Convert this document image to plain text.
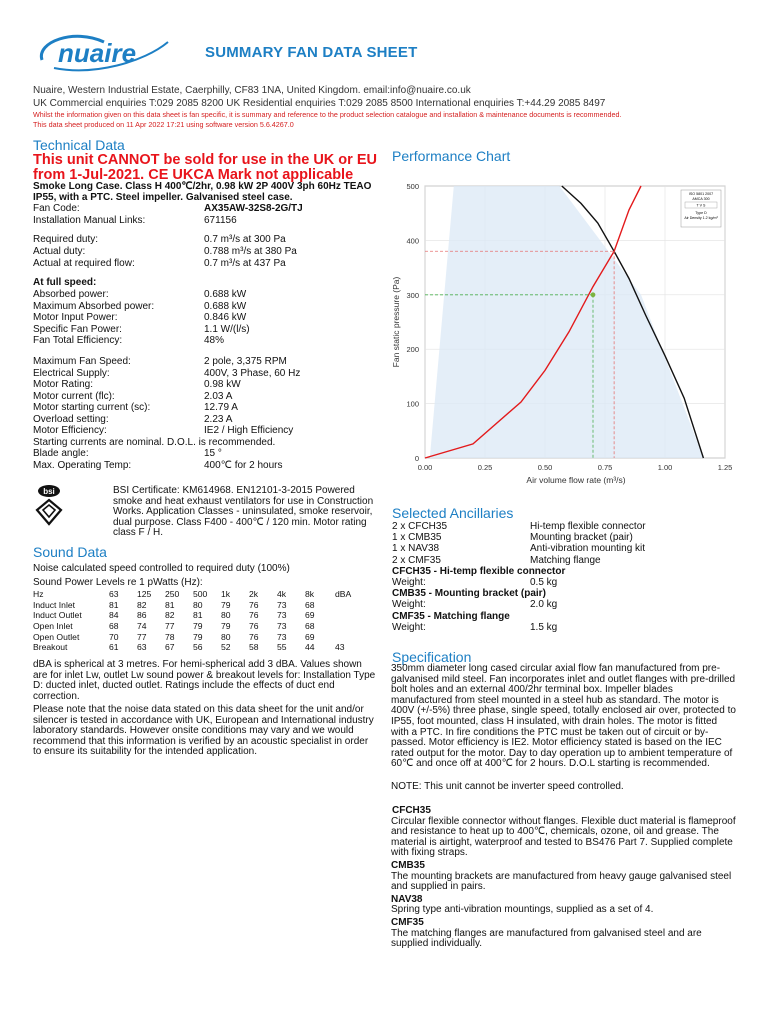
nuaire	SUMMARY FAN DATA SHEET
Nuaire, Western Industrial Estate, Caerphilly, CF83 1NA, United Kingdom. email:info@nuaire.co.uk
UK Commercial enquiries T:029 2085 8200 UK Residential enquiries T:029 2085 8500 International enquiries T:+44.29 2085 8497
Whilst the information given on this data sheet is fan specific, it is summary and reference to the product selection catalogue and installation & maintenance documents is recommended.
This data sheet produced on 11 Apr 2022 17:21 using software version 5.6.4267.0
Technical Data
This unit CANNOT be sold for use in the UK or EU from 1-Jul-2021. CE UKCA Mark not applicable
Smoke Long Case. Class H 400℃/2hr, 0.98 kW 2P 400V 3ph 60Hz TEAO IP55, with a PTC. Steel impeller. Galvanised steel case.
Fan Code:	AX35AW-32S8-2G/TJ
Installation Manual Links:	671156
Required duty:	0.7 m³/s at 300 Pa
Actual duty:	0.788 m³/s at 380 Pa
Actual at required flow:	0.7 m³/s at 437 Pa
At full speed:
Absorbed power:	0.688 kW
Maximum Absorbed power:	0.688 kW
Motor Input Power:	0.846 kW
Specific Fan Power:	1.1 W/(l/s)
Fan Total Efficiency:	48%
Maximum Fan Speed:	2 pole, 3,375 RPM
Electrical Supply:	400V, 3 Phase, 60 Hz
Motor Rating:	0.98 kW
Motor current (flc):	2.03 A
Motor starting current (sc):	12.79 A
Overload setting:	2.23 A
Motor Efficiency:	IE2 / High Efficiency
Starting currents are nominal. D.O.L. is recommended.
Blade angle:	15 °
Max. Operating Temp:	400℃ for 2 hours
bsi	BSI Certificate: KM614968. EN12101-3-2015 Powered smoke and heat exhaust ventilators for use in Construction Works. Application Classes - uninsulated, smoke reservoir, dual purpose. Class F400 - 400℃ / 120 min. Motor rating class F / H.
Sound Data
Noise calculated speed controlled to required duty (100%)
Sound Power Levels re 1 pWatts (Hz):
Hz	63	125	250	500	1k	2k	4k	8k	dBA
Induct Inlet	81	82	81	80	79	76	73	68	
Induct Outlet	84	86	82	81	80	76	73	69	
Open Inlet	68	74	77	79	79	76	73	68	
Open Outlet	70	77	78	79	80	76	73	69	
Breakout	61	63	67	56	52	58	55	44	43
dBA is spherical at 3 metres. For hemi-spherical add 3 dBA. Values shown are for inlet Lw, outlet Lw sound power & breakout levels for: Installation Type D: ducted inlet, ducted outlet. Ratings include the effects of duct end correction.
Please note that the noise data stated on this data sheet for the unit and/or silencer is tested in accordance with UK, European and International industry laboratory standards. However onsite conditions may vary and we would recommend that this information is verified by an acoustic specialist in order to ensure its suitability for the intended application.
Performance Chart
0.00	0.25	0.50	0.75	1.00	1.25
0
100
200
300
400
500
ISO 5801 2007
AMCA 300
T V S
Type D
Air Density 1.2 kg/m³
Air volume flow rate (m³/s)
Fan static pressure (Pa)
Selected Ancillaries
2 x CFCH35	Hi-temp flexible connector
1 x CMB35	Mounting bracket (pair)
1 x NAV38	Anti-vibration mounting kit
2 x CMF35	Matching flange
CFCH35 - Hi-temp flexible connector
Weight:	0.5 kg
CMB35 - Mounting bracket (pair)
Weight:	2.0 kg
CMF35 - Matching flange
Weight:	1.5 kg
Specification
350mm diameter long cased circular axial flow fan manufactured from pre-galvanised mild steel. Fan incorporates inlet and outlet flanges with pre-drilled bolt holes and an external 400/2hr terminal box. Impeller blades manufactured from steel mounted in a steel hub as standard. The motor is 400V (+/-5%) three phase, single speed, totally enclosed air over, protected to IP55, foot mounted, class H insulated, with drain holes. The motor is fitted with a PTC. In fire conditions the PTC must be taken out of circuit or by-passed. Motor efficiency is IE2. Motor efficiency stated is based on the IEC rated output for the motor. Day to day operation up to ambient temperature of 60℃ and once off at 400℃ for 2 hours. D.O.L starting is recommended.
NOTE: This unit cannot be inverter speed controlled.
CFCH35
Circular flexible connector without flanges. Flexible duct material is flameproof and resistance to heat up to 400℃, chemicals, ozone, oil and grease. The material is airtight, waterproof and tested to BS476 Part 7. Supplied complete with fixing straps.
CMB35
The mounting brackets are manufactured from heavy gauge galvanised steel and supplied in pairs.
NAV38
Spring type anti-vibration mountings, supplied as a set of 4.
CMF35
The matching flanges are manufactured from galvanised steel and are supplied individually.
